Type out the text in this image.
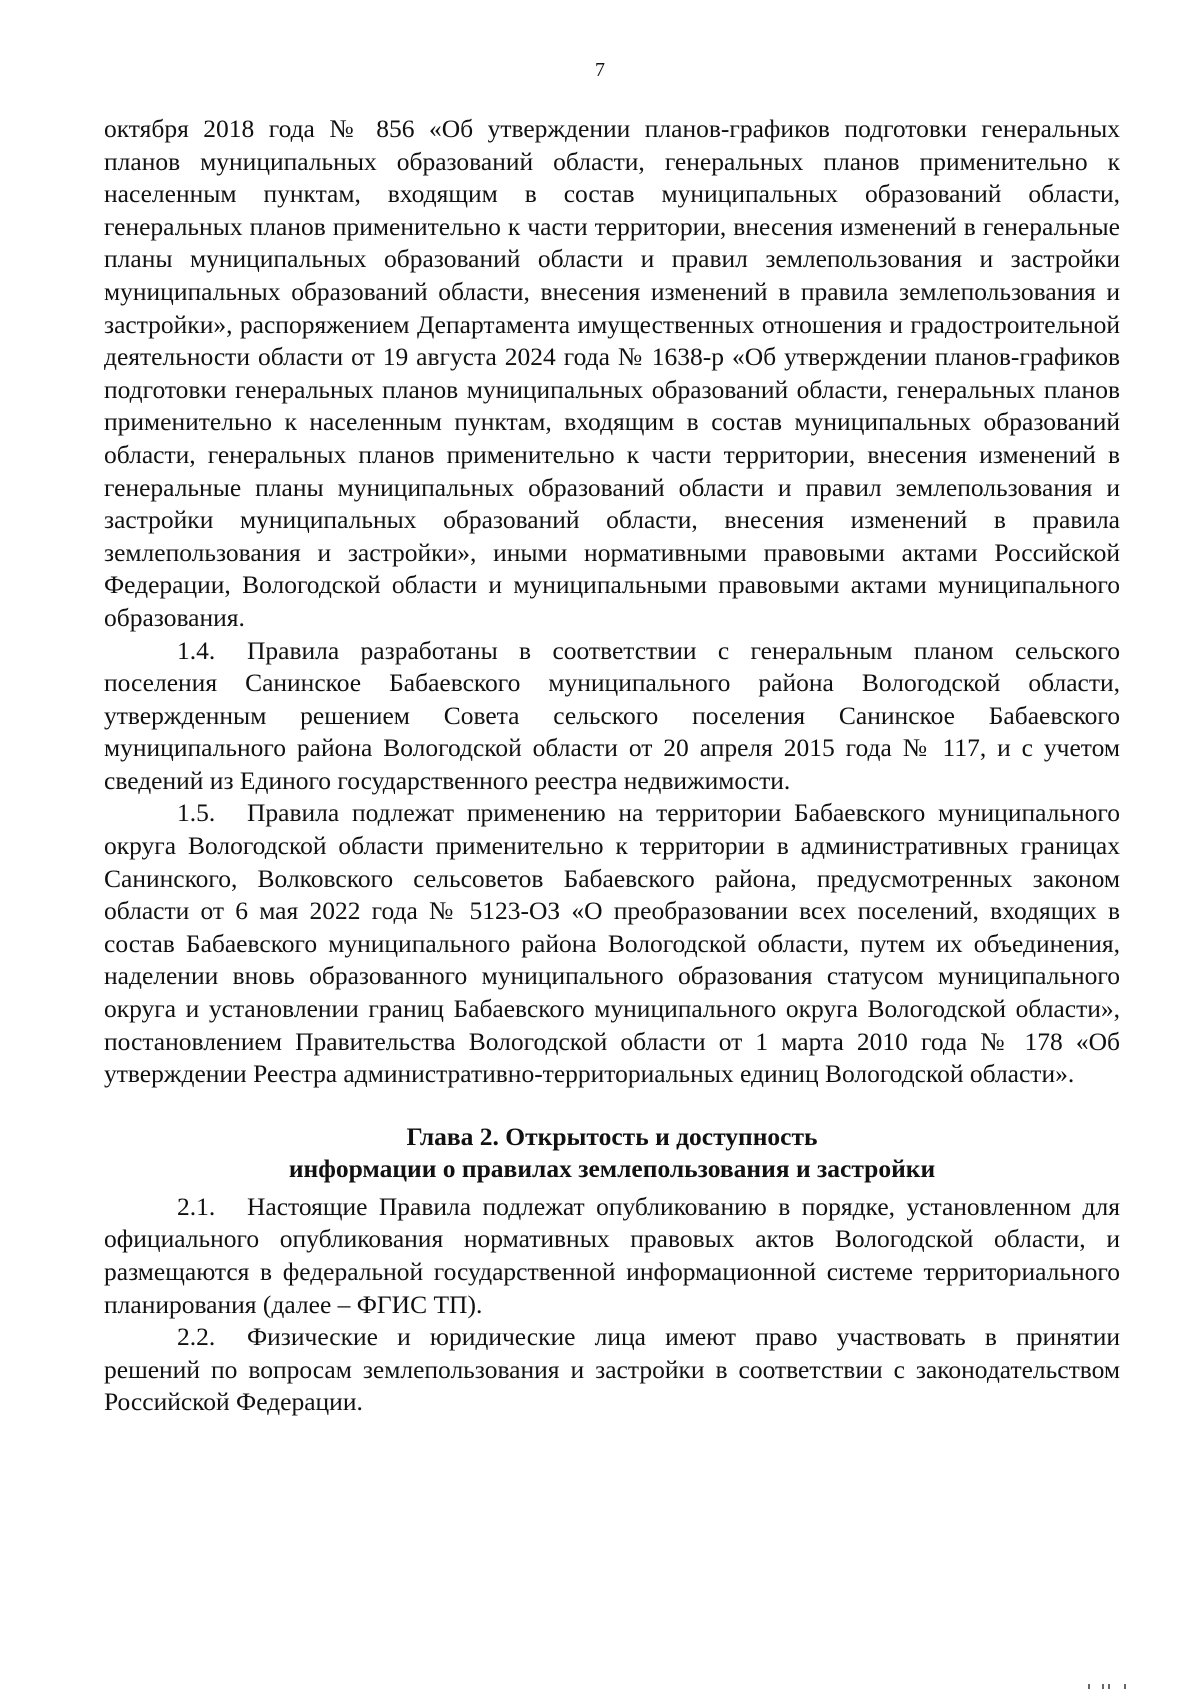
7

октября 2018 года № 856 «Об утверждении планов-графиков подготовки генеральных планов муниципальных образований области, генеральных планов применительно к населенным пунктам, входящим в состав муниципальных образований области, генеральных планов применительно к части территории, внесения изменений в генеральные планы муниципальных образований области и правил землепользования и застройки муниципальных образований области, внесения изменений в правила землепользования и застройки», распоряжением Департамента имущественных отношения и градостроительной деятельности области от 19 августа 2024 года № 1638-р «Об утверждении планов-графиков подготовки генеральных планов муниципальных образований области, генеральных планов применительно к населенным пунктам, входящим в состав муниципальных образований области, генеральных планов применительно к части территории, внесения изменений в генеральные планы муниципальных образований области и правил землепользования и застройки муниципальных образований области, внесения изменений в правила землепользования и застройки», иными нормативными правовыми актами Российской Федерации, Вологодской области и муниципальными правовыми актами муниципального образования.

1.4. Правила разработаны в соответствии с генеральным планом сельского поселения Санинское Бабаевского муниципального района Вологодской области, утвержденным решением Совета сельского поселения Санинское Бабаевского муниципального района Вологодской области от 20 апреля 2015 года № 117, и с учетом сведений из Единого государственного реестра недвижимости.

1.5. Правила подлежат применению на территории Бабаевского муниципального округа Вологодской области применительно к территории в административных границах Санинского, Волковского сельсоветов Бабаевского района, предусмотренных законом области от 6 мая 2022 года № 5123-ОЗ «О преобразовании всех поселений, входящих в состав Бабаевского муниципального района Вологодской области, путем их объединения, наделении вновь образованного муниципального образования статусом муниципального округа и установлении границ Бабаевского муниципального округа Вологодской области», постановлением Правительства Вологодской области от 1 марта 2010 года № 178 «Об утверждении Реестра административно-территориальных единиц Вологодской области».

Глава 2. Открытость и доступность
информации о правилах землепользования и застройки

2.1. Настоящие Правила подлежат опубликованию в порядке, установленном для официального опубликования нормативных правовых актов Вологодской области, и размещаются в федеральной государственной информационной системе территориального планирования (далее – ФГИС ТП).

2.2. Физические и юридические лица имеют право участвовать в принятии решений по вопросам землепользования и застройки в соответствии с законодательством Российской Федерации.
